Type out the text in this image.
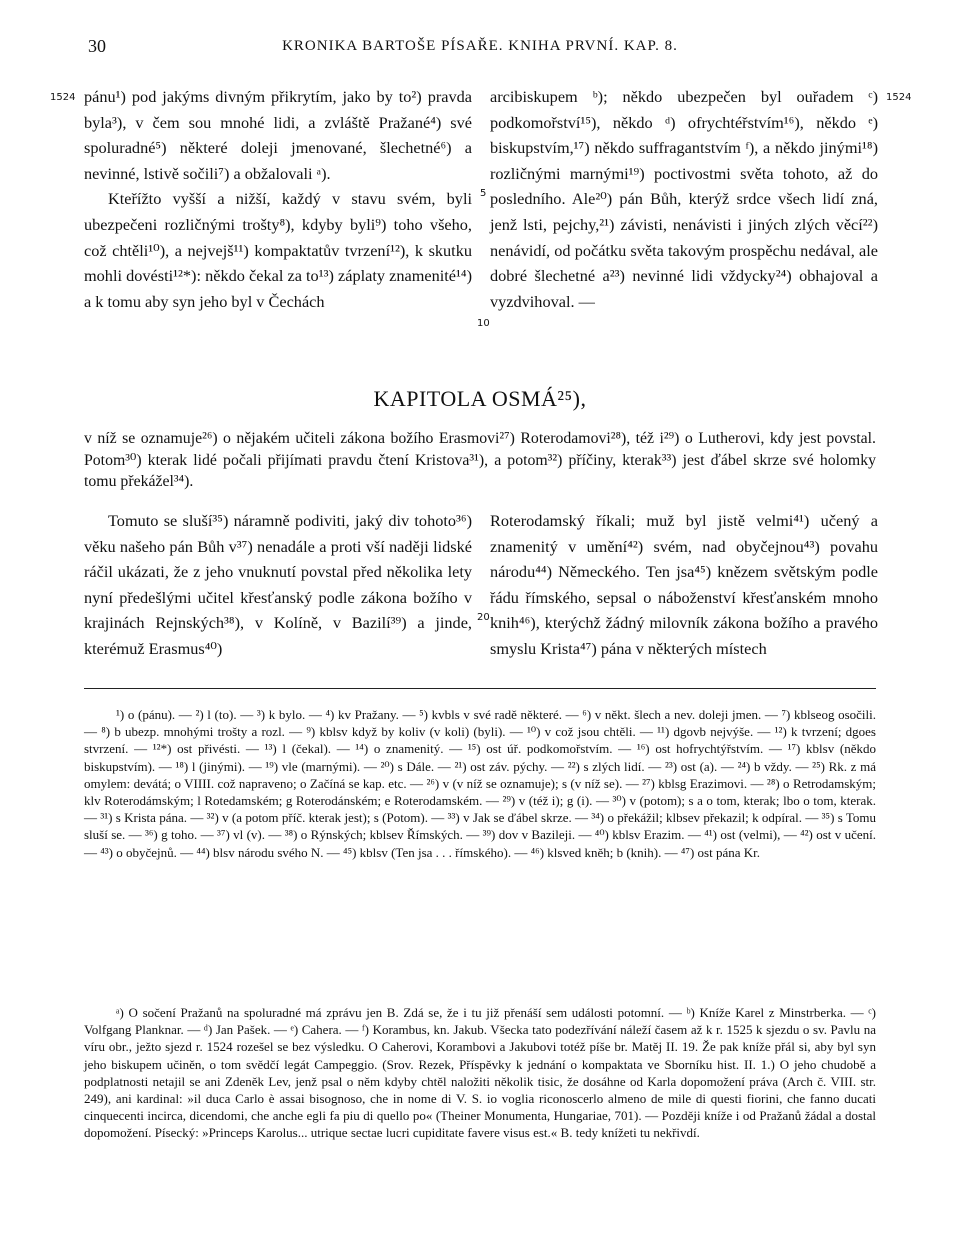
30	KRONIKA BARTOŠE PÍSAŘE. KNIHA PRVNÍ. KAP. 8.
1524	1524
5
10
20

pánu¹) pod jakýms divným přikrytím, jako by to²) pravda byla³), v čem sou mnohé lidi, a zvláště Pražané⁴) své spoluradné⁵) některé doleji jmenované, šlechetné⁶) a nevinné, lstivě sočili⁷) a obžalovali ᵃ).

Kteřížto vyšší a nižší, každý v stavu svém, byli ubezpečeni rozličnými trošty⁸), kdyby byli⁹) toho všeho, což chtěli¹⁰), a nejvejš¹¹) kompaktatův tvrzení¹²), k skutku mohli dovésti¹²*): někdo čekal za to¹³) záplaty znamenité¹⁴) a k tomu aby syn jeho byl v Čechách

arcibiskupem ᵇ); někdo ubezpečen byl ouřadem ᶜ) podkomořství¹⁵), někdo ᵈ) ofrychtéřstvím¹⁶), někdo ᵉ) biskupstvím,¹⁷) někdo suffragantstvím ᶠ), a někdo jinými¹⁸) rozličnými marnými¹⁹) poctivostmi světa tohoto, až do posledního. Ale²⁰) pán Bůh, kterýž srdce všech lidí zná, jenž lsti, pejchy,²¹) závisti, nenávisti i jiných zlých věcí²²) nenávidí, od počátku světa takovým prospěchu nedával, ale dobré šlechetné a²³) nevinné lidi vždycky²⁴) obhajoval a vyzdvihoval. —

KAPITOLA OSMÁ²⁵),
v níž se oznamuje²⁶) o nějakém učiteli zákona božího Erasmovi²⁷) Roterodamovi²⁸), též i²⁹) o Lutherovi, kdy jest povstal. Potom³⁰) kterak lidé počali přijímati pravdu čtení Kristova³¹), a potom³²) příčiny, kterak³³) jest ďábel skrze své holomky tomu překážel³⁴).

Tomuto se sluší³⁵) náramně podiviti, jaký div tohoto³⁶) věku našeho pán Bůh v³⁷) nenadále a proti vší naději lidské ráčil ukázati, že z jeho vnuknutí povstal před několika lety nyní předešlými učitel křesťanský podle zákona božího v krajinách Rejnských³⁸), v Kolíně, v Bazilí³⁹) a jinde, kterémuž Erasmus⁴⁰)

Roterodamský říkali; muž byl jistě velmi⁴¹) učený a znamenitý v umění⁴²) svém, nad obyčejnou⁴³) povahu národu⁴⁴) Německého. Ten jsa⁴⁵) knězem světským podle řádu římského, sepsal o náboženství křesťanském mnoho knih⁴⁶), kterýchž žádný milovník zákona božího a pravého smyslu Krista⁴⁷) pána v některých místech

¹) o (pánu). — ²) l (to). — ³) k bylo. — ⁴) kv Pražany. — ⁵) kvbls v své radě některé. — ⁶) v někt. šlech a nev. doleji jmen. — ⁷) kblseog osočili. — ⁸) b ubezp. mnohými trošty a rozl. — ⁹) kblsv když by koliv (v koli) (byli). — ¹⁰) v což jsou chtěli. — ¹¹) dgovb nejvýše. — ¹²) k tvrzení; dgoes stvrzení. — ¹²*) ost přivésti. — ¹³) l (čekal). — ¹⁴) o znamenitý. — ¹⁵) ost úř. podkomořstvím. — ¹⁶) ost hofrychtýřstvím. — ¹⁷) kblsv (někdo biskupstvím). — ¹⁸) l (jinými). — ¹⁹) vle (marnými). — ²⁰) s Dále. — ²¹) ost záv. pýchy. — ²²) s zlých lidí. — ²³) ost (a). — ²⁴) b vždy. — ²⁵) Rk. z má omylem: devátá; o VIIII. což napraveno; o Začíná se kap. etc. — ²⁶) v (v níž se oznamuje); s (v níž se). — ²⁷) kblsg Erazimovi. — ²⁸) o Retrodamským; klv Roterodámským; l Rotedamském; g Roterodánském; e Roterodamském. — ²⁹) v (též i); g (i). — ³⁰) v (potom); s a o tom, kterak; lbo o tom, kterak. — ³¹) s Krista pána. — ³²) v (a potom příč. kterak jest); s (Potom). — ³³) v Jak se ďábel skrze. — ³⁴) o překážil; klbsev překazil; k odpíral. — ³⁵) s Tomu sluší se. — ³⁶) g toho. — ³⁷) vl (v). — ³⁸) o Rýnských; kblsev Římských. — ³⁹) dov v Bazileji. — ⁴⁰) kblsv Erazim. — ⁴¹) ost (velmi), — ⁴²) ost v učení. — ⁴³) o obyčejnů. — ⁴⁴) blsv národu svého N. — ⁴⁵) kblsv (Ten jsa . . . římského). — ⁴⁶) klsved kněh; b (knih). — ⁴⁷) ost pána Kr.

ᵃ) O sočení Pražanů na spoluradné má zprávu jen B. Zdá se, že i tu již přenáší sem události potomní. — ᵇ) Kníže Karel z Minstrberka. — ᶜ) Volfgang Planknar. — ᵈ) Jan Pašek. — ᵉ) Cahera. — ᶠ) Korambus, kn. Jakub. Všecka tato podezřívání náleží časem až k r. 1525 k sjezdu o sv. Pavlu na víru obr., ježto sjezd r. 1524 rozešel se bez výsledku. O Caherovi, Korambovi a Jakubovi totéž píše br. Matěj II. 19. Že pak kníže přál si, aby byl syn jeho biskupem učiněn, o tom svědčí legát Campeggio. (Srov. Rezek, Příspěvky k jednání o kompaktata ve Sborníku hist. II. 1.) O jeho chudobě a podplatnosti netajil se ani Zdeněk Lev, jenž psal o něm kdyby chtěl naložiti několik tisic, že dosáhne od Karla dopomožení práva (Arch č. VIII. str. 249), ani kardinal: »il duca Carlo è assai bisognoso, che in nome di V. S. io voglia riconoscerlo almeno de mile di questi fiorini, che fanno ducati cinquecenti incirca, dicendomi, che anche egli fa piu di quello po« (Theiner Monumenta, Hungariae, 701). — Později kníže i od Pražanů žádal a dostal dopomožení. Písecký: »Princeps Karolus... utrique sectae lucri cupiditate favere visus est.« B. tedy knížeti tu nekřivdí.
